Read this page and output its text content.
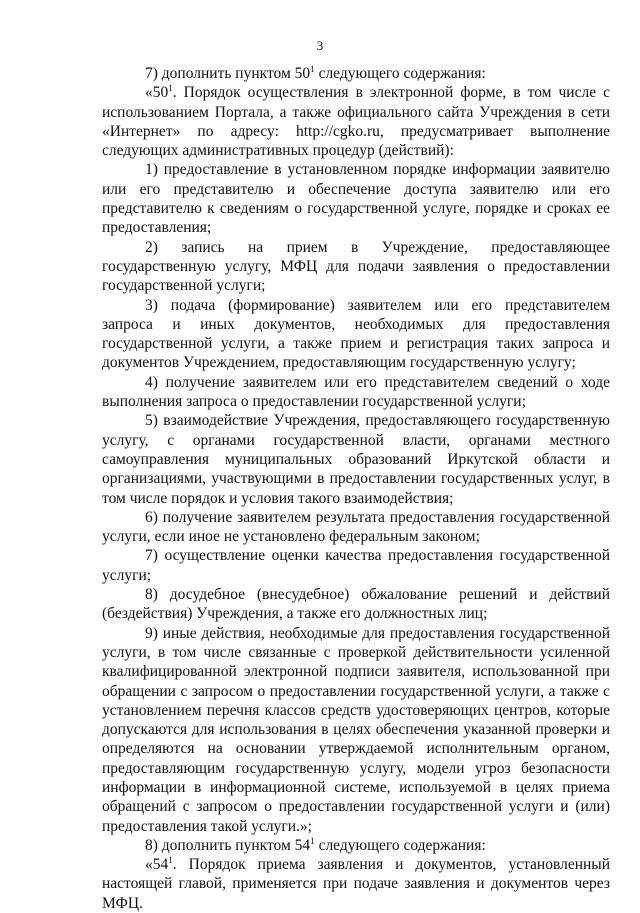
3

7) дополнить пунктом $50^1$ следующего содержания:

«$50^1$. Порядок осуществления в электронной форме, в том числе с использованием Портала, а также официального сайта Учреждения в сети «Интернет» по адресу: http://cgko.ru, предусматривает выполнение следующих административных процедур (действий):

1) предоставление в установленном порядке информации заявителю или его представителю и обеспечение доступа заявителю или его представителю к сведениям о государственной услуге, порядке и сроках ее предоставления;

2) запись на прием в Учреждение, предоставляющее государственную услугу, МФЦ для подачи заявления о предоставлении государственной услуги;

3) подача (формирование) заявителем или его представителем запроса и иных документов, необходимых для предоставления государственной услуги, а также прием и регистрация таких запроса и документов Учреждением, предоставляющим государственную услугу;

4) получение заявителем или его представителем сведений о ходе выполнения запроса о предоставлении государственной услуги;

5) взаимодействие Учреждения, предоставляющего государственную услугу, с органами государственной власти, органами местного самоуправления муниципальных образований Иркутской области и организациями, участвующими в предоставлении государственных услуг, в том числе порядок и условия такого взаимодействия;

6) получение заявителем результата предоставления государственной услуги, если иное не установлено федеральным законом;

7) осуществление оценки качества предоставления государственной услуги;

8) досудебное (внесудебное) обжалование решений и действий (бездействия) Учреждения, а также его должностных лиц;

9) иные действия, необходимые для предоставления государственной услуги, в том числе связанные с проверкой действительности усиленной квалифицированной электронной подписи заявителя, использованной при обращении с запросом о предоставлении государственной услуги, а также с установлением перечня классов средств удостоверяющих центров, которые допускаются для использования в целях обеспечения указанной проверки и определяются на основании утверждаемой исполнительным органом, предоставляющим государственную услугу, модели угроз безопасности информации в информационной системе, используемой в целях приема обращений с запросом о предоставлении государственной услуги и (или) предоставления такой услуги.»;

8) дополнить пунктом $54^1$ следующего содержания:

«$54^1$. Порядок приема заявления и документов, установленный настоящей главой, применяется при подаче заявления и документов через МФЦ.
